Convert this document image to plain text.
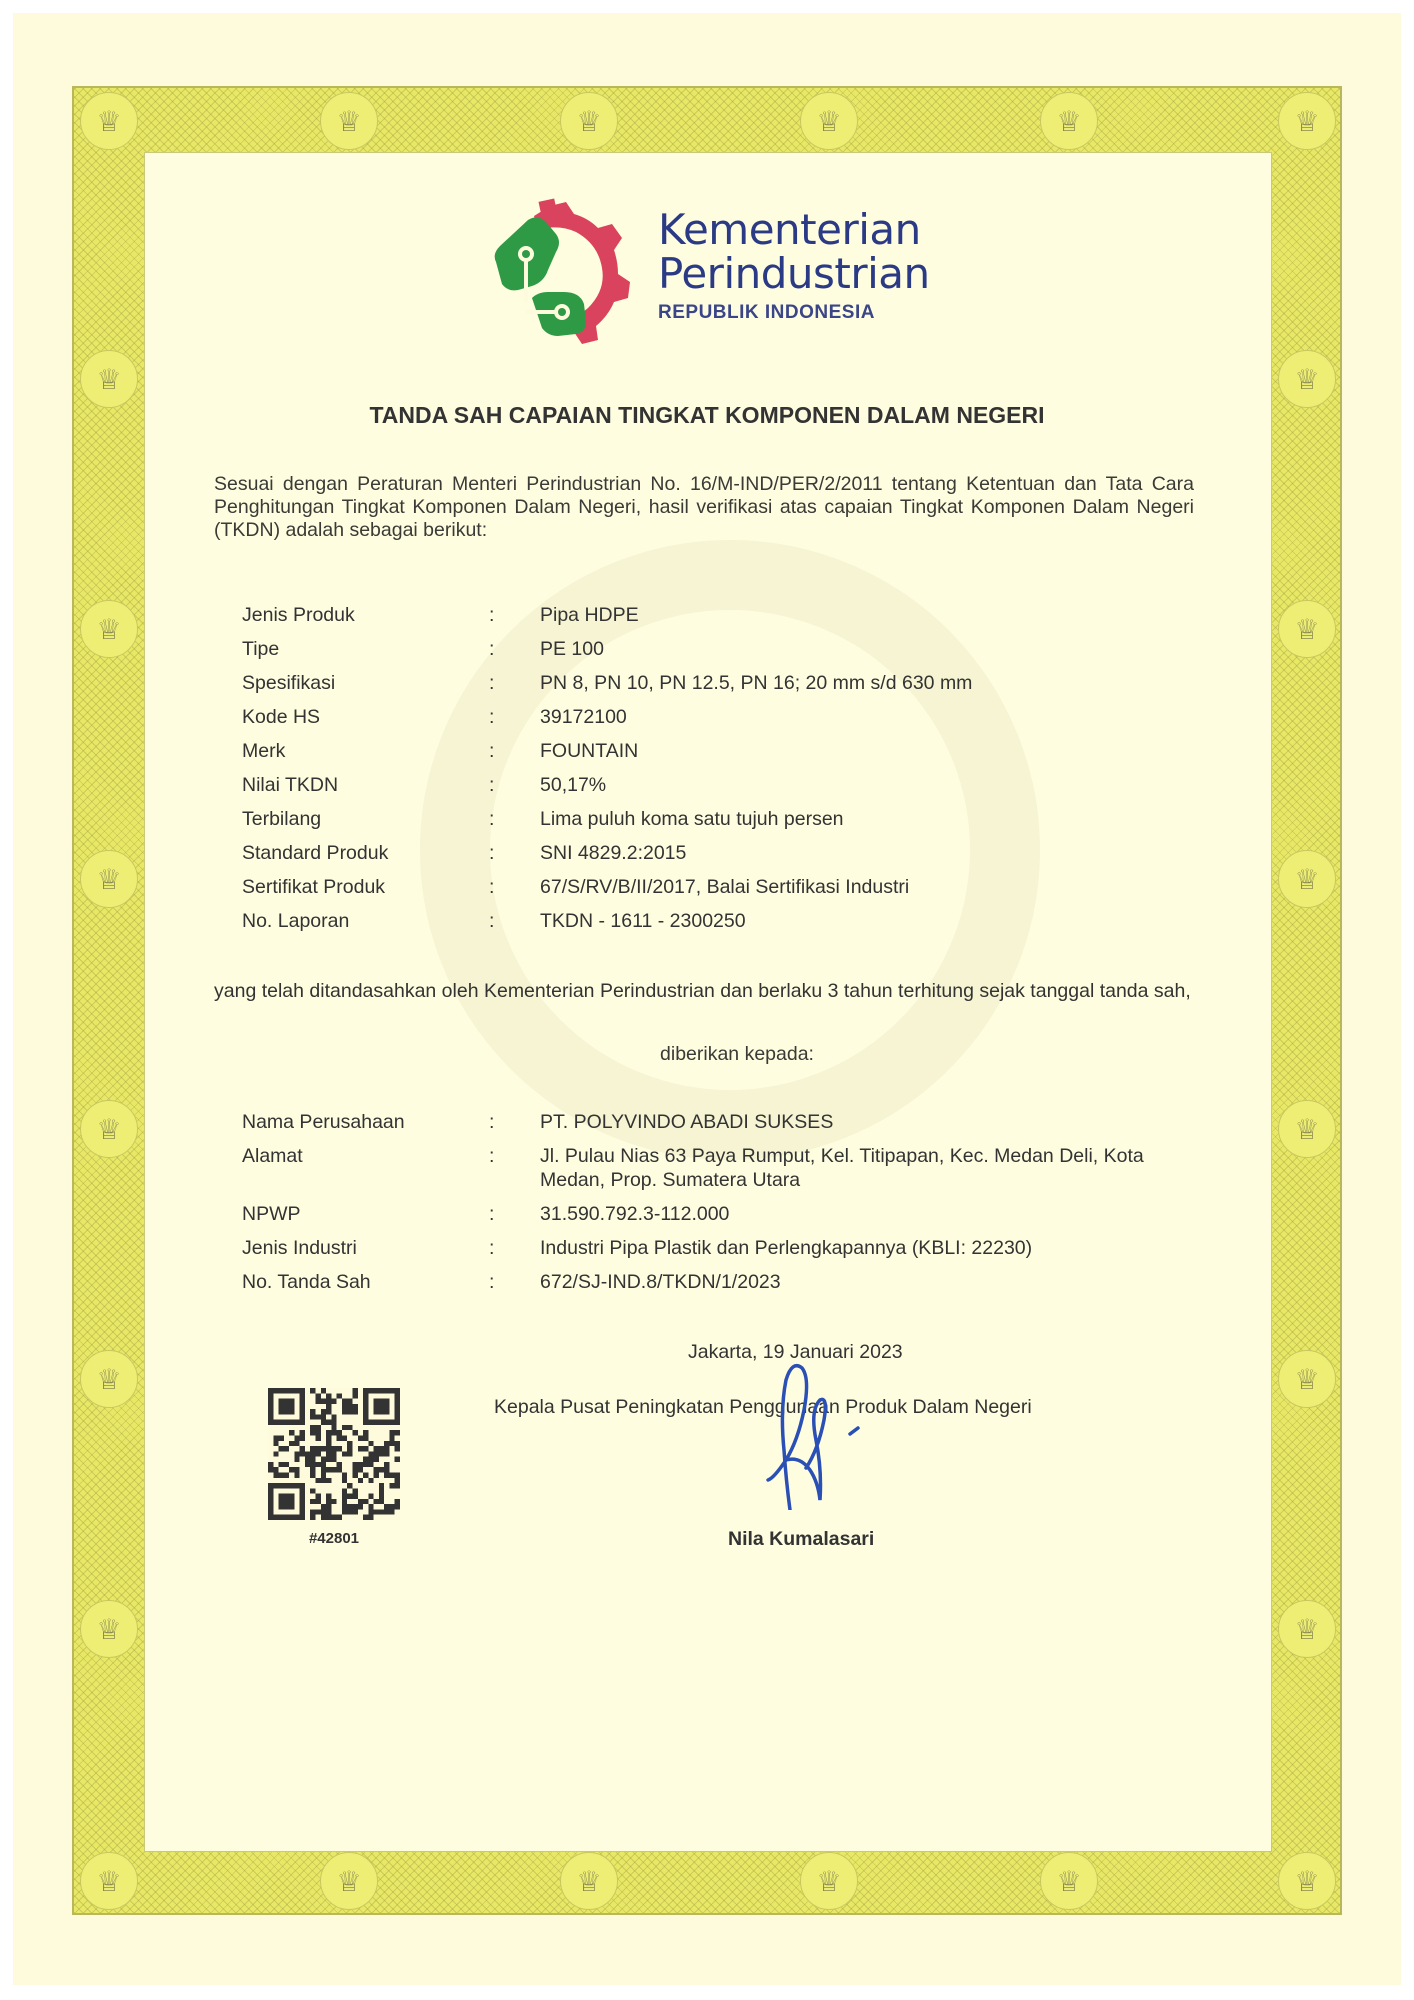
♕
♕
♕
♕
♕
♕
♕
♕
♕
♕
♕
♕
♕	♕
♕	♕
♕	♕
♕	♕
♕	♕
♕	♕
Kementerian
Perindustrian
REPUBLIK INDONESIA
TANDA SAH CAPAIAN TINGKAT KOMPONEN DALAM NEGERI
Sesuai dengan Peraturan Menteri Perindustrian No. 16/M-IND/PER/2/2011 tentang Ketentuan dan Tata Cara Penghitungan Tingkat Komponen Dalam Negeri, hasil verifikasi atas capaian Tingkat Komponen Dalam Negeri (TKDN) adalah sebagai berikut:
Jenis Produk	: Pipa HDPE
Tipe	: PE 100
Spesifikasi	: PN 8, PN 10, PN 12.5, PN 16; 20 mm s/d 630 mm
Kode HS	: 39172100
Merk	: FOUNTAIN
Nilai TKDN	: 50,17%
Terbilang	: Lima puluh koma satu tujuh persen
Standard Produk	: SNI 4829.2:2015
Sertifikat Produk	: 67/S/RV/B/II/2017, Balai Sertifikasi Industri
No. Laporan	: TKDN - 1611 - 2300250
yang telah ditandasahkan oleh Kementerian Perindustrian dan berlaku 3 tahun terhitung sejak tanggal tanda sah,
diberikan kepada:
Nama Perusahaan	: PT. POLYVINDO ABADI SUKSES
Alamat	: Jl. Pulau Nias 63 Paya Rumput, Kel. Titipapan, Kec. Medan Deli, Kota Medan, Prop. Sumatera Utara
NPWP	: 31.590.792.3-112.000
Jenis Industri	: Industri Pipa Plastik dan Perlengkapannya (KBLI: 22230)
No. Tanda Sah	: 672/SJ-IND.8/TKDN/1/2023
Jakarta, 19 Januari 2023
Kepala Pusat Peningkatan Penggunaan Produk Dalam Negeri
Nila Kumalasari
#42801
